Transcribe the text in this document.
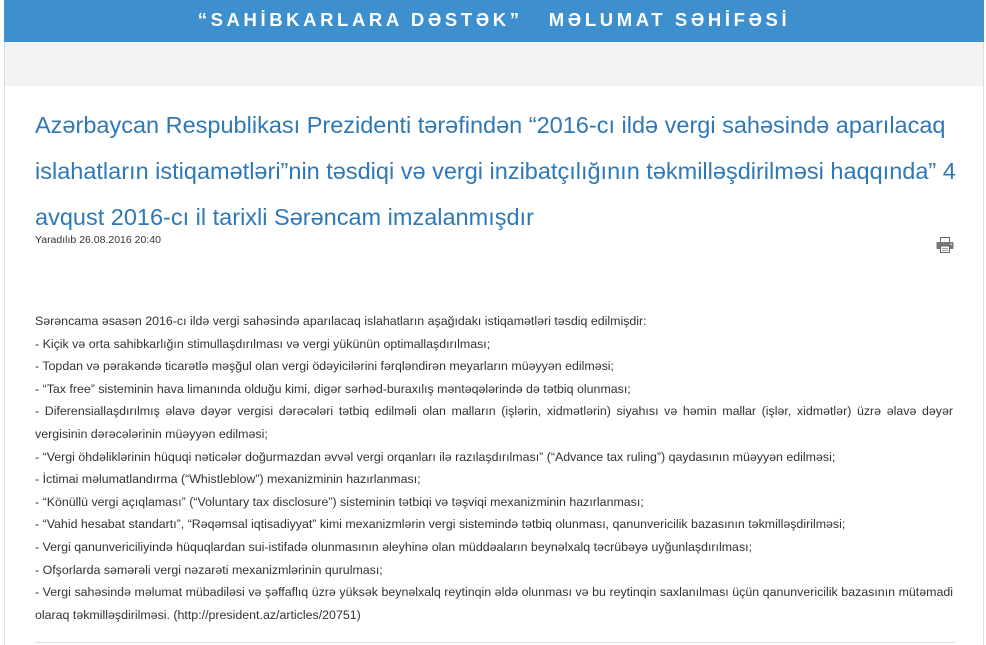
“SAHİBKARLARA DƏSTƏK”   MƏLUMAT SƏHİFƏSİ
Azərbaycan Respublikası Prezidenti tərəfindən “2016-cı ildə vergi sahəsində aparılacaq islahatların istiqamətləri”nin təsdiqi və vergi inzibatçılığının təkmilləşdirilməsi haqqında” 4 avqust 2016-cı il tarixli Sərəncam imzalanmışdır
Yaradılıb 26.08.2016 20:40

Sərəncama əsasən 2016-cı ildə vergi sahəsində aparılacaq islahatların aşağıdakı istiqamətləri təsdiq edilmişdir:

- Kiçik və orta sahibkarlığın stimullaşdırılması və vergi yükünün optimallaşdırılması;

- Topdan və pərakəndə ticarətlə məşğul olan vergi ödəyicilərini fərqləndirən meyarların müəyyən edilməsi;

- “Tax free” sisteminin hava limanında olduğu kimi, digər sərhəd-buraxılış məntəqələrində də tətbiq olunması;

- Diferensiallaşdırılmış əlavə dəyər vergisi dərəcələri tətbiq edilməli olan malların (işlərin, xidmətlərin) siyahısı və həmin mallar (işlər, xidmətlər) üzrə əlavə dəyər vergisinin dərəcələrinin müəyyən edilməsi;

- “Vergi öhdəliklərinin hüquqi nəticələr doğurmazdan əvvəl vergi orqanları ilə razılaşdırılması” (“Advance tax ruling”) qaydasının müəyyən edilməsi;

- İctimai məlumatlandırma (“Whistleblow”) mexanizminin hazırlanması;

- “Könüllü vergi açıqlaması” (“Voluntary tax disclosure”) sisteminin tətbiqi və təşviqi mexanizminin hazırlanması;

- “Vahid hesabat standartı”, “Rəqəmsal iqtisadiyyat” kimi mexanizmlərin vergi sistemində tətbiq olunması, qanunvericilik bazasının təkmilləşdirilməsi;

- Vergi qanunvericiliyində hüquqlardan sui-istifadə olunmasının əleyhinə olan müddəaların beynəlxalq təcrübəyə uyğunlaşdırılması;

- Ofşorlarda səmərəli vergi nəzarəti mexanizmlərinin qurulması;

- Vergi sahəsində məlumat mübadiləsi və şəffaflıq üzrə yüksək beynəlxalq reytinqin əldə olunması və bu reytinqin saxlanılması üçün qanunvericilik bazasının mütəmadi olaraq təkmilləşdirilməsi. (http://president.az/articles/20751)
